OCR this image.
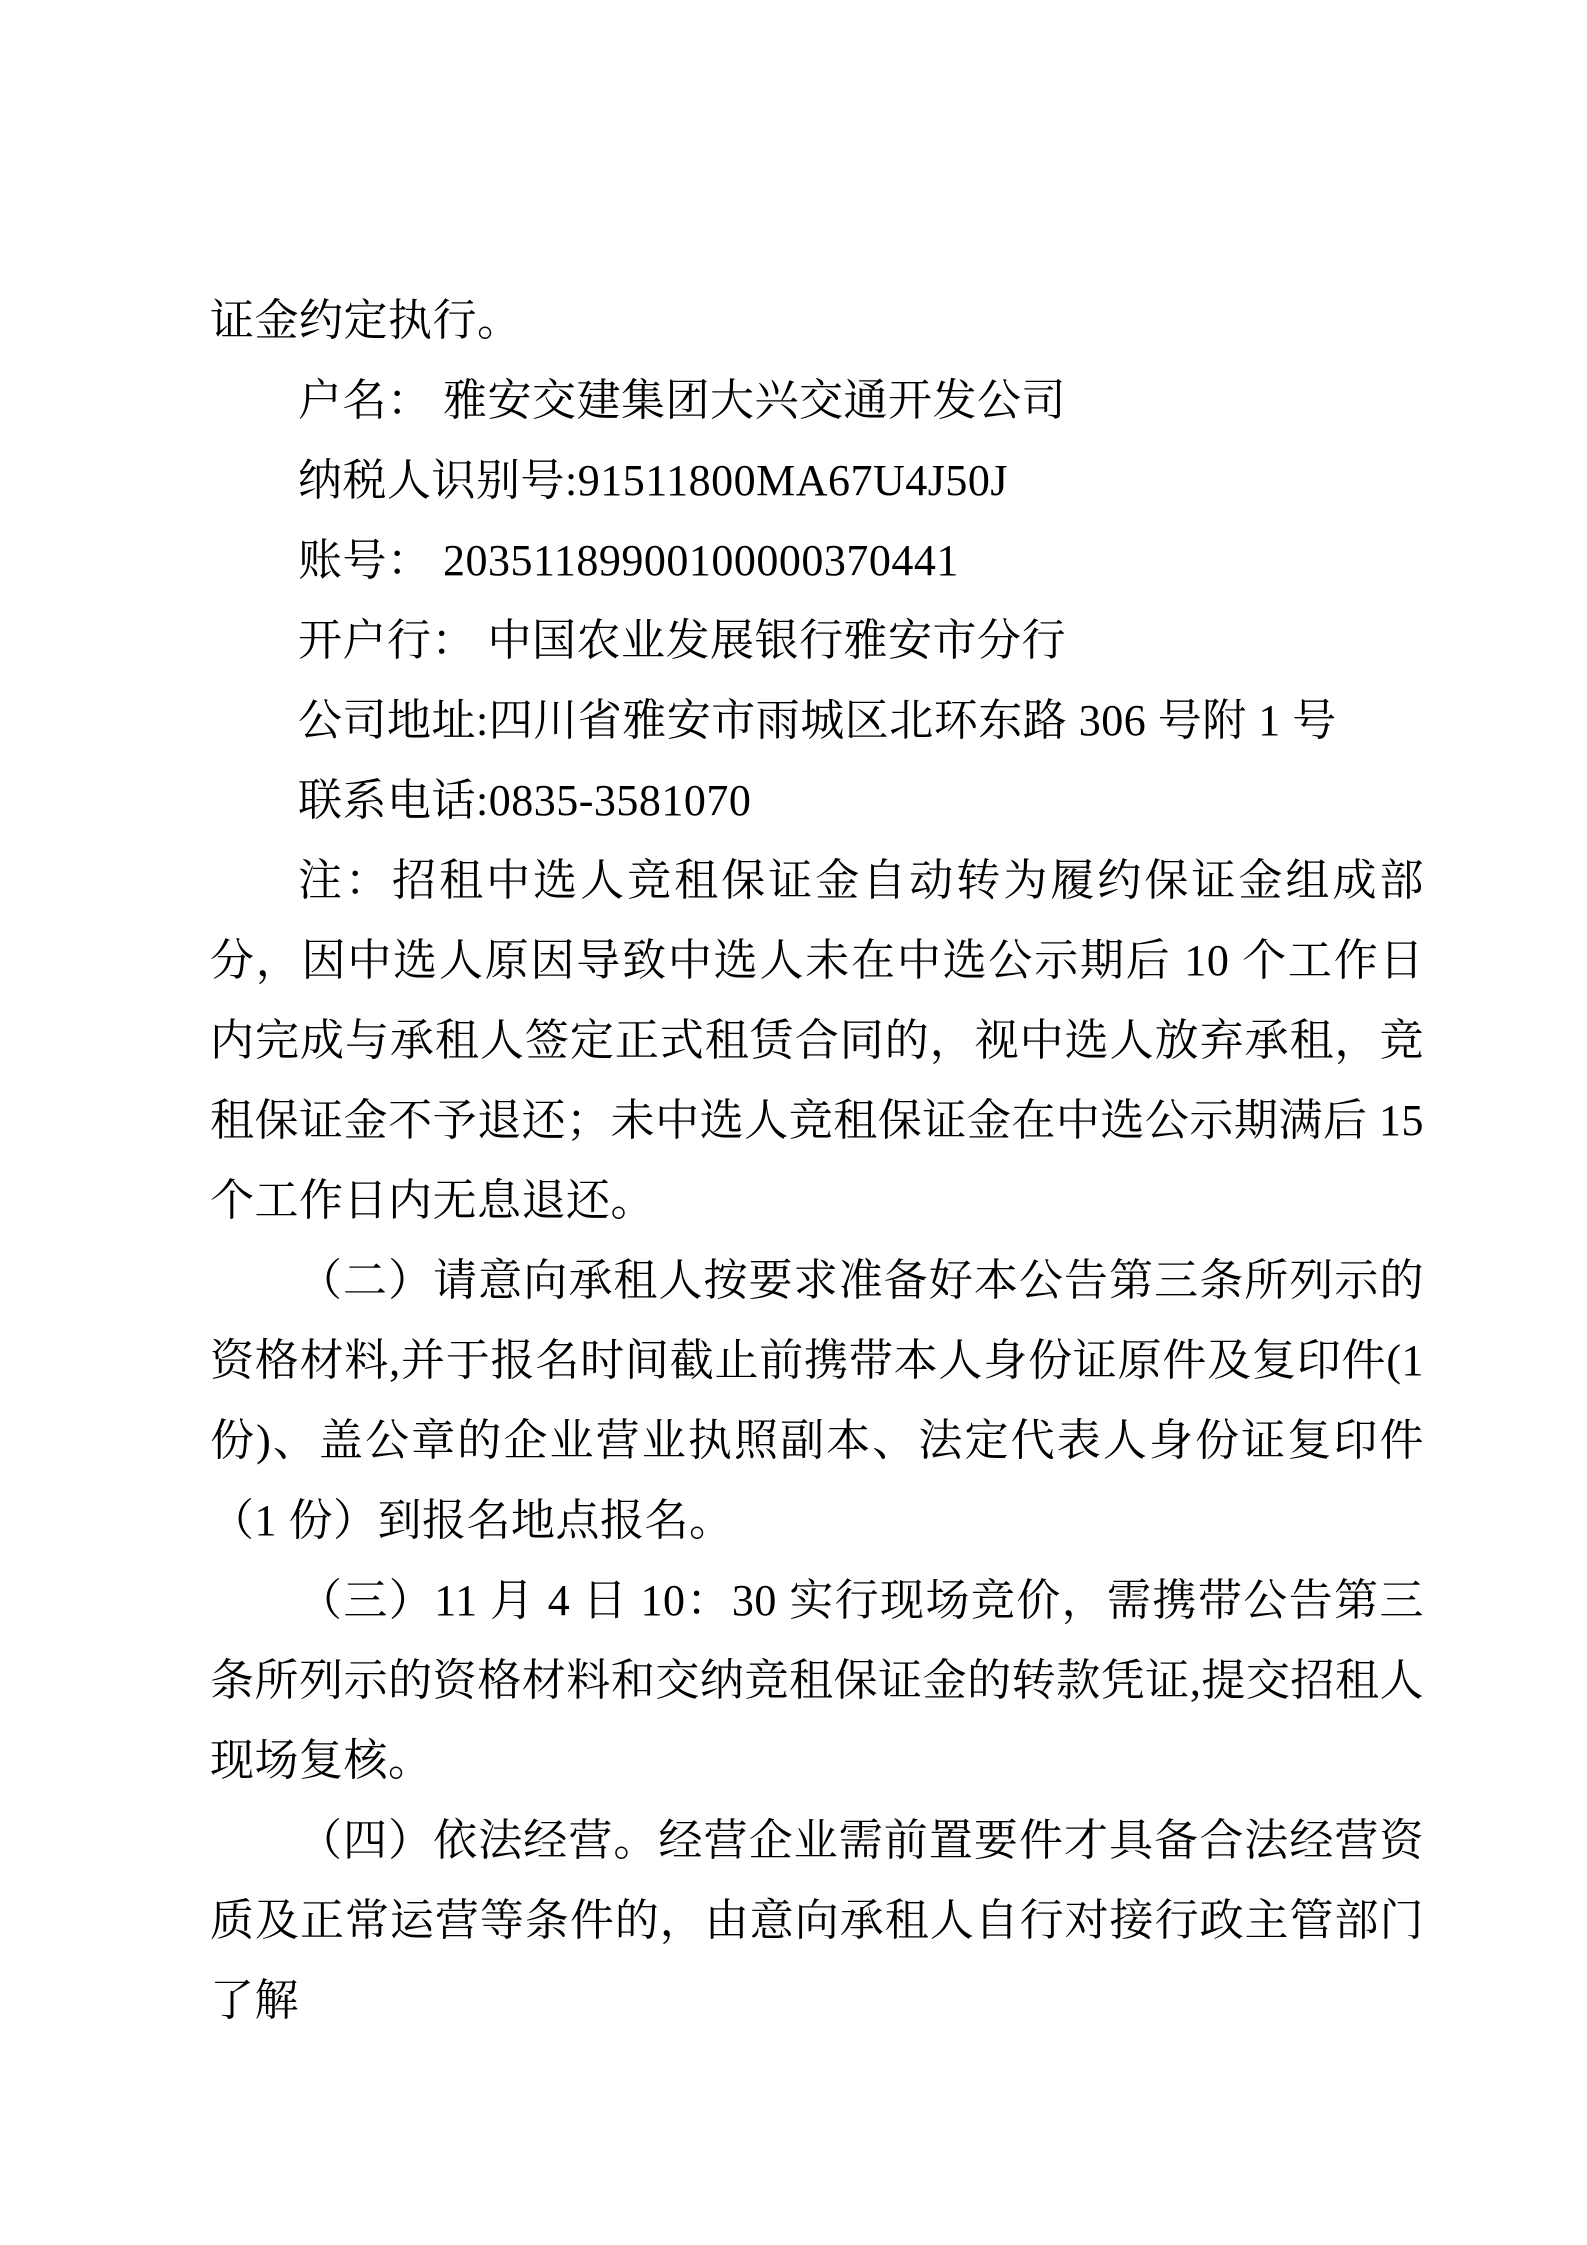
证金约定执行。

户名： 雅安交建集团大兴交通开发公司

纳税人识别号:91511800MA67U4J50J

账号： 20351189900100000370441

开户行： 中国农业发展银行雅安市分行

公司地址:四川省雅安市雨城区北环东路 306 号附 1 号

联系电话:0835-3581070

注：招租中选人竞租保证金自动转为履约保证金组成部分，因中选人原因导致中选人未在中选公示期后 10 个工作日内完成与承租人签定正式租赁合同的，视中选人放弃承租，竞租保证金不予退还；未中选人竞租保证金在中选公示期满后 15 个工作日内无息退还。

（二）请意向承租人按要求准备好本公告第三条所列示的资格材料,并于报名时间截止前携带本人身份证原件及复印件(1 份)、盖公章的企业营业执照副本、法定代表人身份证复印件（1 份）到报名地点报名。

（三）11 月 4 日 10：30 实行现场竞价，需携带公告第三条所列示的资格材料和交纳竞租保证金的转款凭证,提交招租人现场复核。

（四）依法经营。经营企业需前置要件才具备合法经营资质及正常运营等条件的，由意向承租人自行对接行政主管部门了解
